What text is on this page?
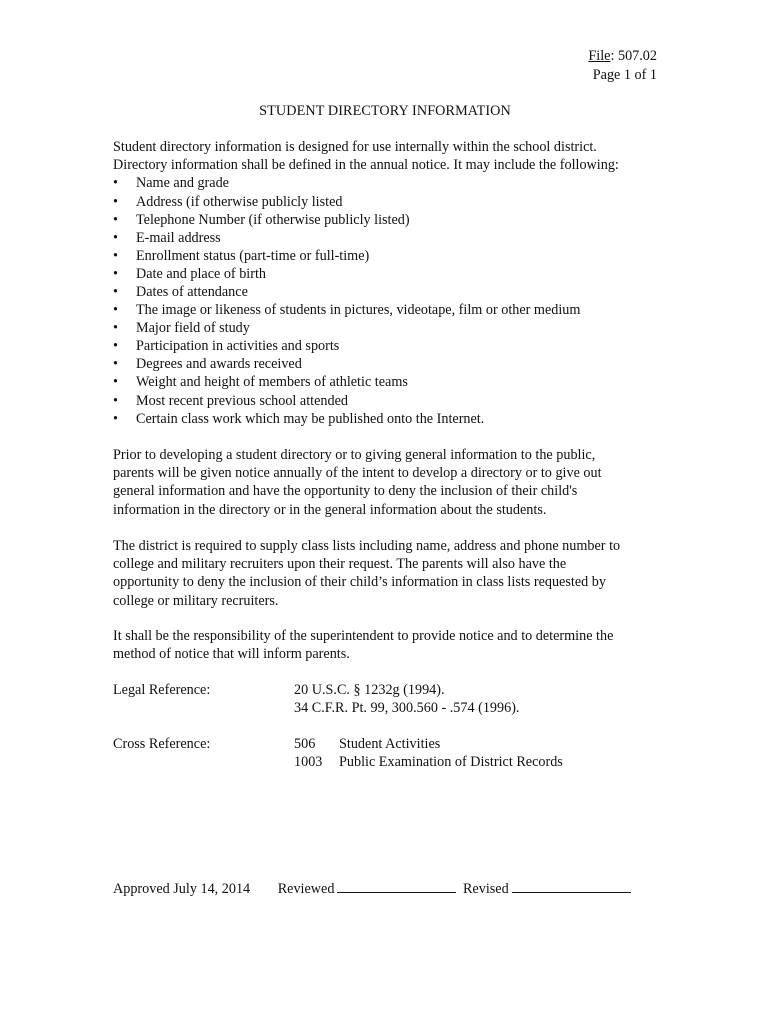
File: 507.02
Page 1 of 1
STUDENT DIRECTORY INFORMATION
Student directory information is designed for use internally within the school district.
Directory information shall be defined in the annual notice. It may include the following:
• Name and grade
• Address (if otherwise publicly listed
• Telephone Number (if otherwise publicly listed)
• E-mail address
• Enrollment status (part-time or full-time)
• Date and place of birth
• Dates of attendance
• The image or likeness of students in pictures, videotape, film or other medium
• Major field of study
• Participation in activities and sports
• Degrees and awards received
• Weight and height of members of athletic teams
• Most recent previous school attended
• Certain class work which may be published onto the Internet.
Prior to developing a student directory or to giving general information to the public,
parents will be given notice annually of the intent to develop a directory or to give out
general information and have the opportunity to deny the inclusion of their child's
information in the directory or in the general information about the students.
The district is required to supply class lists including name, address and phone number to
college and military recruiters upon their request. The parents will also have the
opportunity to deny the inclusion of their child’s information in class lists requested by
college or military recruiters.
It shall be the responsibility of the superintendent to provide notice and to determine the
method of notice that will inform parents.
Legal Reference:	20 U.S.C. § 1232g (1994).
34 C.F.R. Pt. 99, 300.560 - .574 (1996).
Cross Reference:	506 Student Activities
1003 Public Examination of District Records
Approved July 14, 2014 Reviewed	Revised
